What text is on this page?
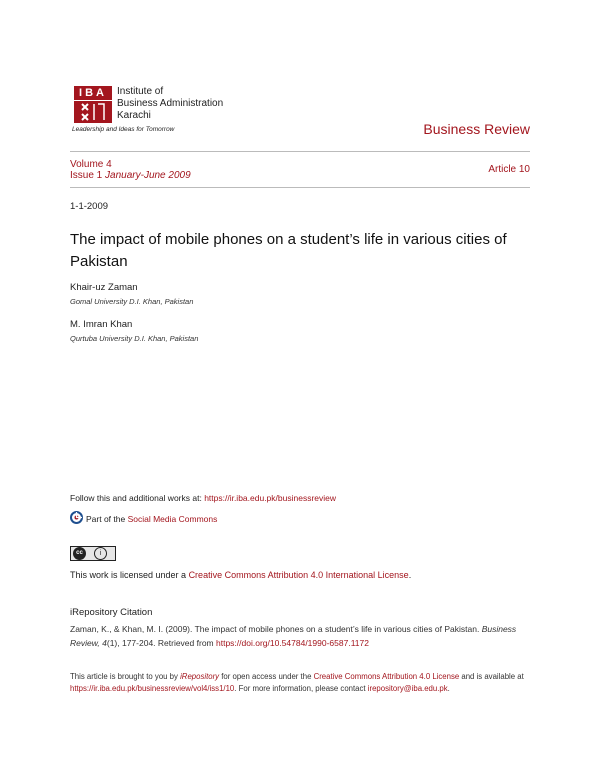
IBA	Institute of
Business Administration
Karachi
Leadership and Ideas for Tomorrow	Business Review
Volume 4
Issue 1 January-June 2009
Article 10
1-1-2009
The impact of mobile phones on a student’s life in various cities of Pakistan
Khair-uz Zaman
Gomal University D.I. Khan, Pakistan
M. Imran Khan
Qurtuba University D.I. Khan, Pakistan
Follow this and additional works at: https://ir.iba.edu.pk/businessreview
Part of the Social Media Commons
cc	i
This work is licensed under a Creative Commons Attribution 4.0 International License.
iRepository Citation
Zaman, K., & Khan, M. I. (2009). The impact of mobile phones on a student’s life in various cities of Pakistan. Business Review, 4(1), 177-204. Retrieved from https://doi.org/10.54784/1990-6587.1172
This article is brought to you by iRepository for open access under the Creative Commons Attribution 4.0 License and is available at https://ir.iba.edu.pk/businessreview/vol4/iss1/10. For more information, please contact irepository@iba.edu.pk.
